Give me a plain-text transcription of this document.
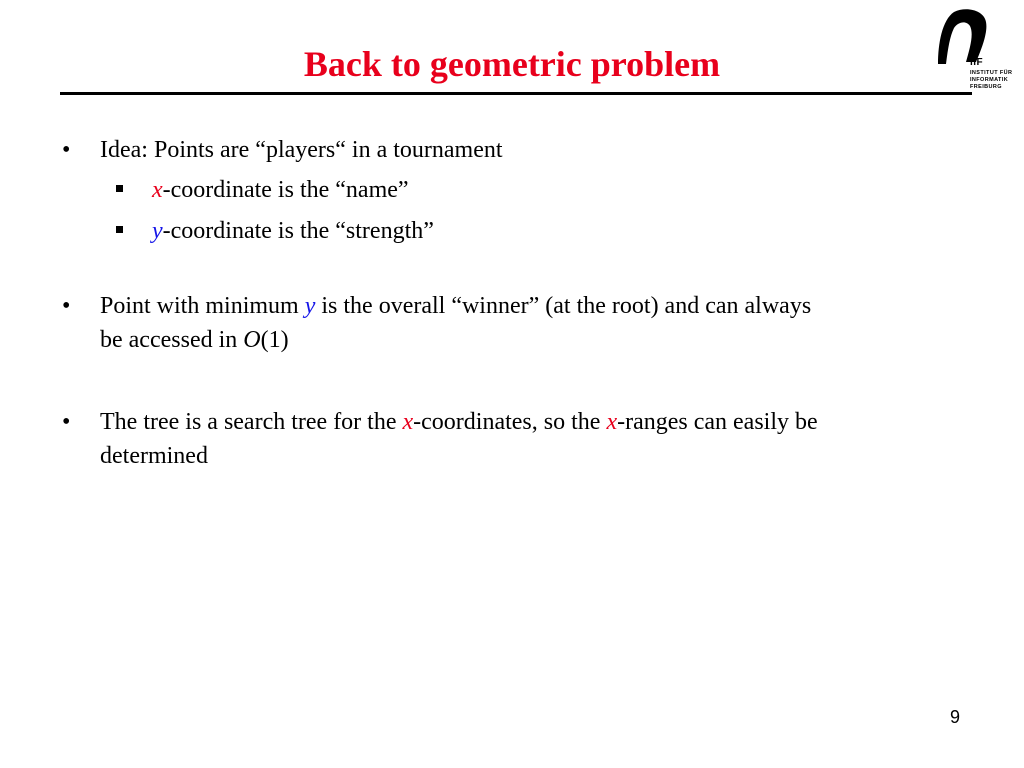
Back to geometric problem	IIF
INSTITUT FÜR
INFORMATIK
FREIBURG
• Idea: Points are “players“ in a tournament
x-coordinate is the “name”
y-coordinate is the “strength”
• Point with minimum y is the overall “winner” (at the root) and can always
be accessed in O(1)
• The tree is a search tree for the x-coordinates, so the x-ranges can easily be
determined
9
